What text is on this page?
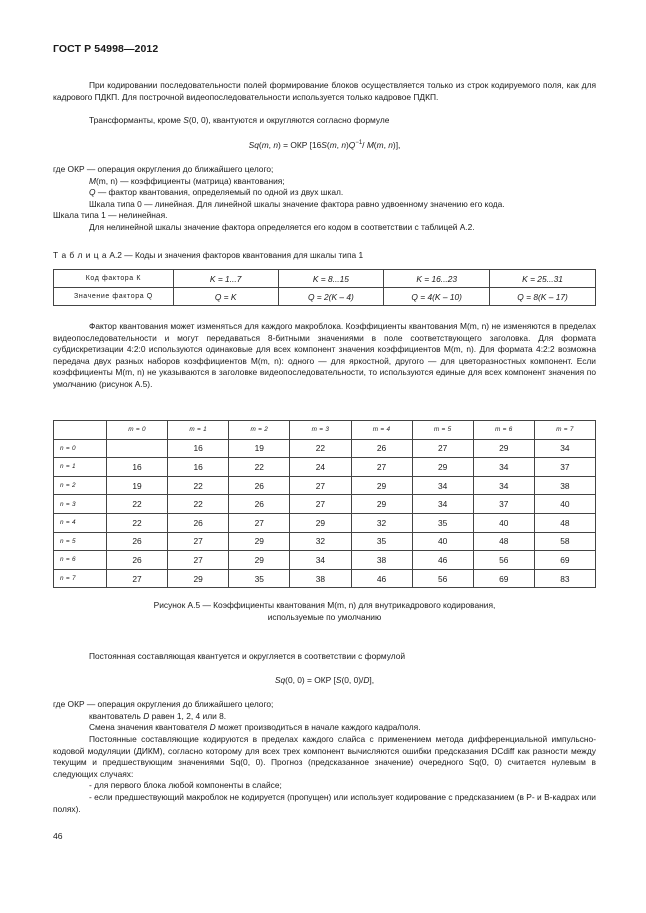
ГОСТ Р 54998—2012
При кодировании последовательности полей формирование блоков осуществляется только из строк кодируемого поля, как для кадрового ПДКП. Для построчной видеопоследовательности используется только кадровое ПДКП.
Трансформанты, кроме S(0, 0), квантуются и округляются согласно формуле
Sq(m, n) = ОКР [16S(m, $n)Q^{-1}/$ M(m, n)],
где ОКР — операция округления до ближайшего целого;
M(m, n) — коэффициенты (матрица) квантования;
Q — фактор квантования, определяемый по одной из двух шкал.
Шкала типа 0 — линейная. Для линейной шкалы значение фактора равно удвоенному значению его кода.
Шкала типа 1 — нелинейная.
Для нелинейной шкалы значение фактора определяется его кодом в соответствии с таблицей А.2.
Т а б л и ц а А.2 — Коды и значения факторов квантования для шкалы типа 1
Код фактора К	K = 1...7	K = 8...15	K = 16...23	K = 25...31
Значение фактора Q	Q = K	Q = 2(K – 4)	Q = 4(K – 10)	Q = 8(K – 17)
Фактор квантования может изменяться для каждого макроблока. Коэффициенты квантования M(m, n) не изменяются в пределах видеопоследовательности и могут передаваться 8-битными значениями в поле соответствующего заголовка. Для формата субдискретизации 4:2:0 используются одинаковые для всех компонент значения коэффициентов M(m, n). Для формата 4:2:2 возможна передача двух разных наборов коэффициентов M(m, n): одного — для яркостной, другого — для цветоразностных компонент. Если коэффициенты M(m, n) не указываются в заголовке видеопоследовательности, то используются единые для всех компонент значения по умолчанию (рисунок А.5).
	m = 0	m = 1	m = 2	m = 3	m = 4	m = 5	m = 6	m = 7
n = 0		16	19	22	26	27	29	34
n = 1	16	16	22	24	27	29	34	37
n = 2	19	22	26	27	29	34	34	38
n = 3	22	22	26	27	29	34	37	40
n = 4	22	26	27	29	32	35	40	48
n = 5	26	27	29	32	35	40	48	58
n = 6	26	27	29	34	38	46	56	69
n = 7	27	29	35	38	46	56	69	83
Рисунок А.5 — Коэффициенты квантования M(m, n) для внутрикадрового кодирования,
используемые по умолчанию
Постоянная составляющая квантуется и округляется в соответствии с формулой
Sq(0, 0) = ОКР [S(0, 0)/D],
где ОКР — операция округления до ближайшего целого;
квантователь D равен 1, 2, 4 или 8.
Смена значения квантователя D может производиться в начале каждого кадра/поля.
Постоянные составляющие кодируются в пределах каждого слайса с применением метода дифференциальной импульсно-кодовой модуляции (ДИКМ), согласно которому для всех трех компонент вычисляются ошибки предсказания DCdiff как разности между текущим и предшествующим значениями Sq(0, 0). Прогноз (предсказанное значение) очередного Sq(0, 0) считается нулевым в следующих случаях:
- для первого блока любой компоненты в слайсе;
- если предшествующий макроблок не кодируется (пропущен) или использует кодирование с предсказанием (в Р- и В-кадрах или полях).
46
